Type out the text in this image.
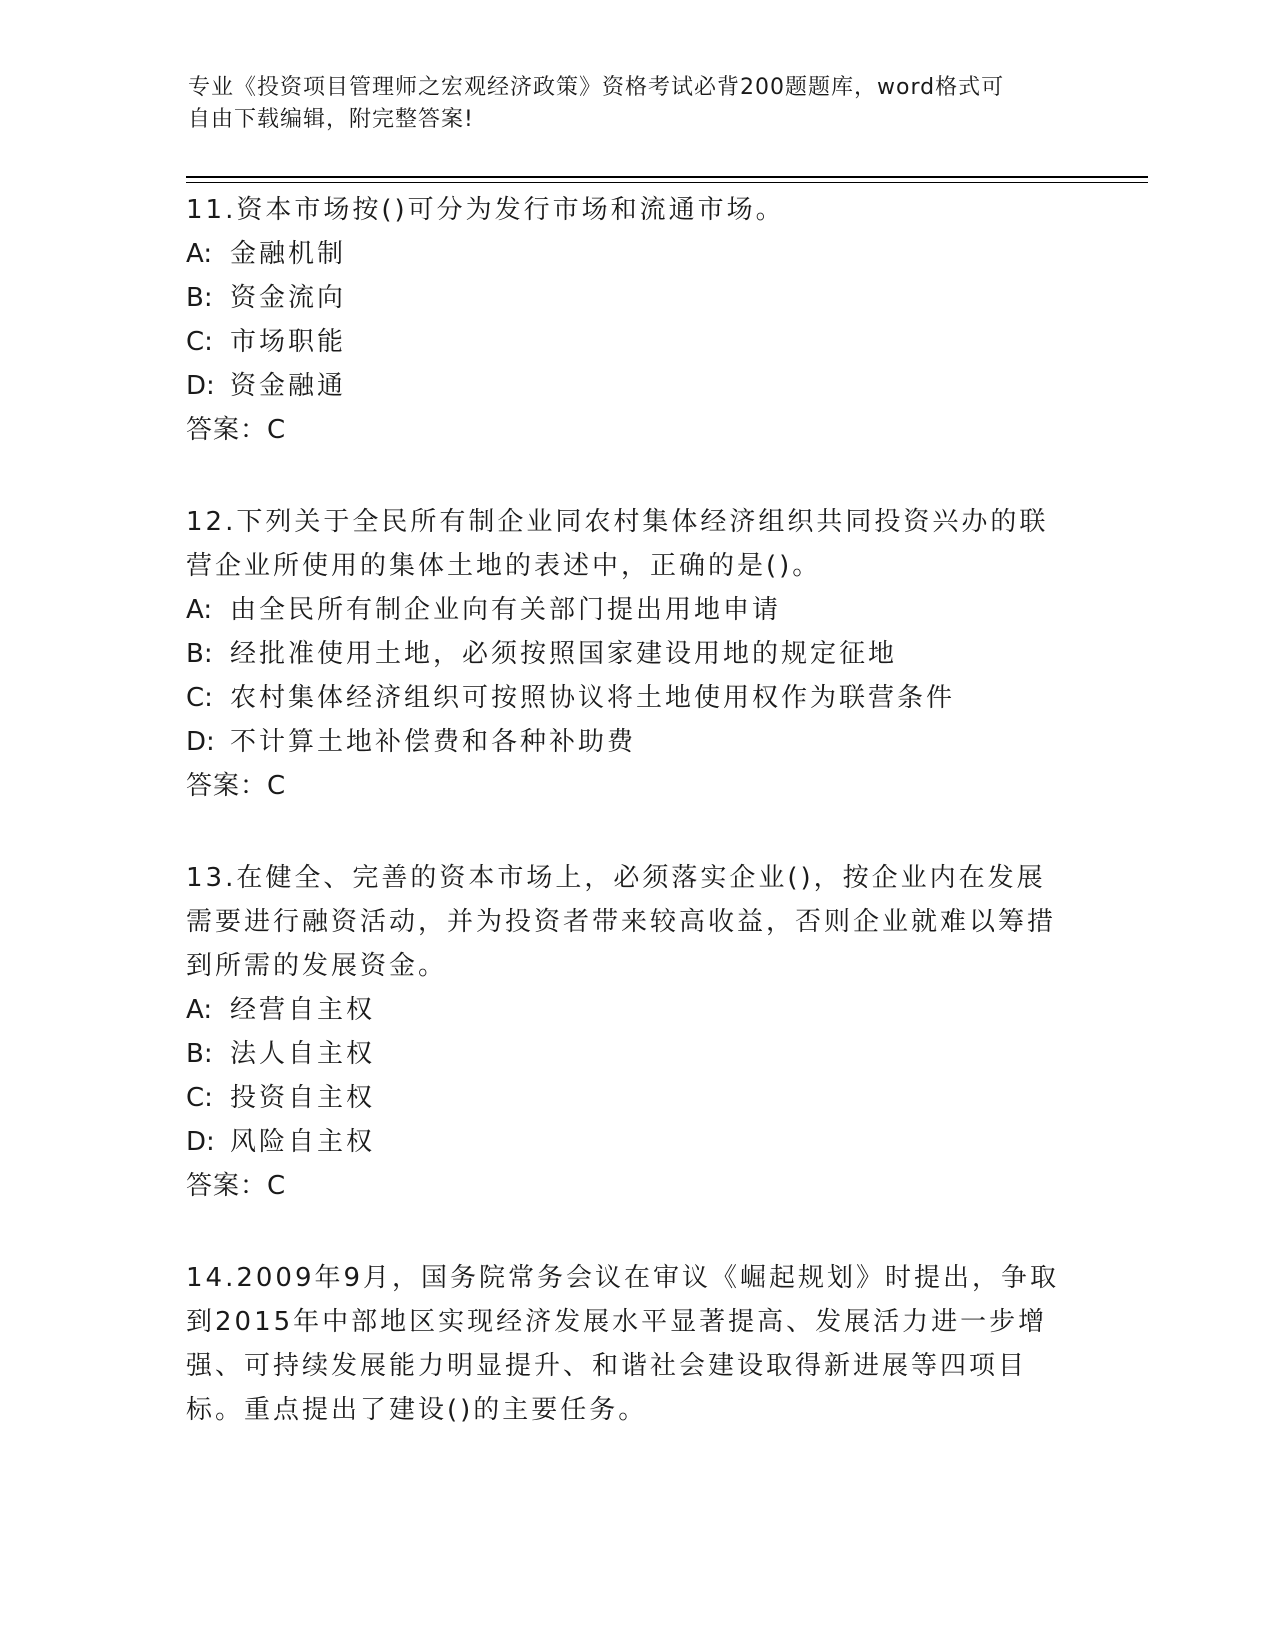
专业《投资项目管理师之宏观经济政策》资格考试必背200题题库，word格式可

自由下载编辑，附完整答案!

11.资本市场按()可分为发行市场和流通市场。

A: 金融机制

B: 资金流向

C: 市场职能

D: 资金融通

答案：C

12.下列关于全民所有制企业同农村集体经济组织共同投资兴办的联营企业所使用的集体土地的表述中，正确的是()。

A: 由全民所有制企业向有关部门提出用地申请

B: 经批准使用土地，必须按照国家建设用地的规定征地

C: 农村集体经济组织可按照协议将土地使用权作为联营条件

D: 不计算土地补偿费和各种补助费

答案：C

13.在健全、完善的资本市场上，必须落实企业()，按企业内在发展需要进行融资活动，并为投资者带来较高收益，否则企业就难以筹措到所需的发展资金。

A: 经营自主权

B: 法人自主权

C: 投资自主权

D: 风险自主权

答案：C

14.2009年9月，国务院常务会议在审议《崛起规划》时提出，争取到2015年中部地区实现经济发展水平显著提高、发展活力进一步增强、可持续发展能力明显提升、和谐社会建设取得新进展等四项目标。重点提出了建设()的主要任务。
